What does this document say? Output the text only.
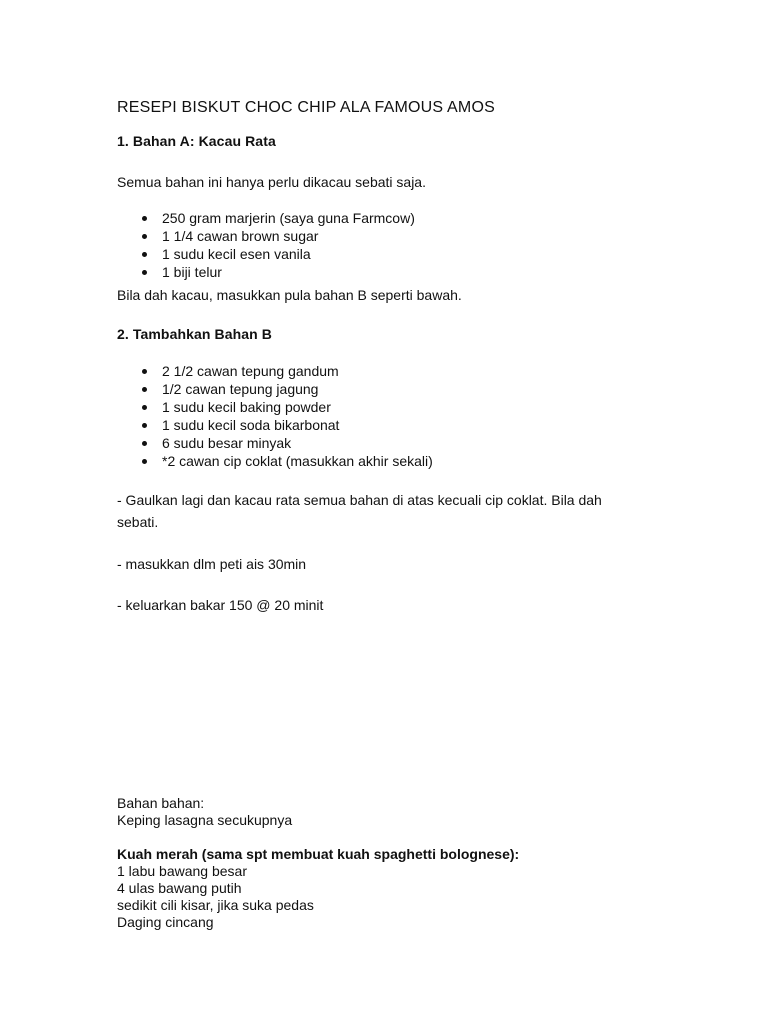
RESEPI BISKUT CHOC CHIP ALA FAMOUS AMOS
1. Bahan A: Kacau Rata
Semua bahan ini hanya perlu dikacau sebati saja.
250 gram marjerin (saya guna Farmcow)
1 1/4 cawan brown sugar
1 sudu kecil esen vanila
1 biji telur
Bila dah kacau, masukkan pula bahan B seperti bawah.
2. Tambahkan Bahan B
2 1/2 cawan tepung gandum
1/2 cawan tepung jagung
1 sudu kecil baking powder
1 sudu kecil soda bikarbonat
6 sudu besar minyak
*2 cawan cip coklat (masukkan akhir sekali)
- Gaulkan lagi dan kacau rata semua bahan di atas kecuali cip coklat. Bila dah sebati.
- masukkan dlm peti ais 30min
- keluarkan bakar 150 @ 20 minit
Bahan bahan:
Keping lasagna secukupnya
Kuah merah (sama spt membuat kuah spaghetti bolognese):
1 labu bawang besar
4 ulas bawang putih
sedikit cili kisar, jika suka pedas
Daging cincang
